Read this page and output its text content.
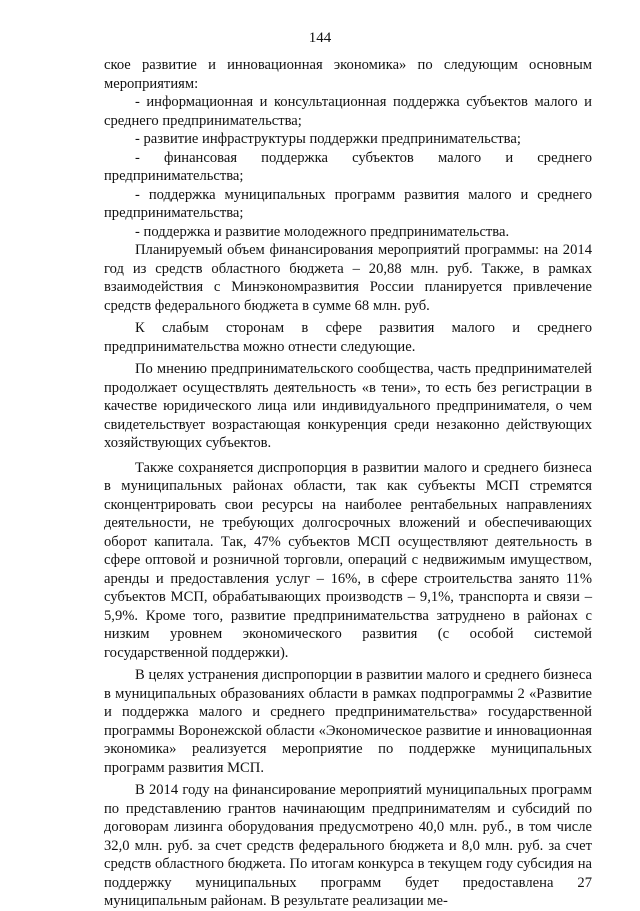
144

ское развитие и инновационная экономика» по следующим основным мероприятиям:

- информационная и консультационная поддержка субъектов малого и среднего предпринимательства;

- развитие инфраструктуры поддержки предпринимательства;

- финансовая поддержка субъектов малого и среднего предпринимательства;

- поддержка муниципальных программ развития малого и среднего предпринимательства;

- поддержка и развитие молодежного предпринимательства.

Планируемый объем финансирования мероприятий программы: на 2014 год из средств областного бюджета – 20,88 млн. руб. Также, в рамках взаимодействия с Минэкономразвития России планируется привлечение средств федерального бюджета в сумме 68 млн. руб.

К слабым сторонам в сфере развития малого и среднего предпринимательства можно отнести следующие.

По мнению предпринимательского сообщества, часть предпринимателей продолжает осуществлять деятельность «в тени», то есть без регистрации в качестве юридического лица или индивидуального предпринимателя, о чем свидетельствует возрастающая конкуренция среди незаконно действующих хозяйствующих субъектов.

Также сохраняется диспропорция в развитии малого и среднего бизнеса в муниципальных районах области, так как субъекты МСП стремятся сконцентрировать свои ресурсы на наиболее рентабельных направлениях деятельности, не требующих долгосрочных вложений и обеспечивающих оборот капитала. Так, 47% субъектов МСП осуществляют деятельность в сфере оптовой и розничной торговли, операций с недвижимым имуществом, аренды и предоставления услуг – 16%, в сфере строительства занято 11% субъектов МСП, обрабатывающих производств – 9,1%, транспорта и связи – 5,9%. Кроме того, развитие предпринимательства затруднено в районах с низким уровнем экономического развития (с особой системой государственной поддержки).

В целях устранения диспропорции в развитии малого и среднего бизнеса в муниципальных образованиях области в рамках подпрограммы 2 «Развитие и поддержка малого и среднего предпринимательства» государственной программы Воронежской области «Экономическое развитие и инновационная экономика» реализуется мероприятие по поддержке муниципальных программ развития МСП.

В 2014 году на финансирование мероприятий муниципальных программ по представлению грантов начинающим предпринимателям и субсидий по договорам лизинга оборудования предусмотрено 40,0 млн. руб., в том числе 32,0 млн. руб. за счет средств федерального бюджета и 8,0 млн. руб. за счет средств областного бюджета. По итогам конкурса в текущем году субсидия на поддержку муниципальных программ будет предоставлена 27 муниципальным районам. В результате реализации ме-
